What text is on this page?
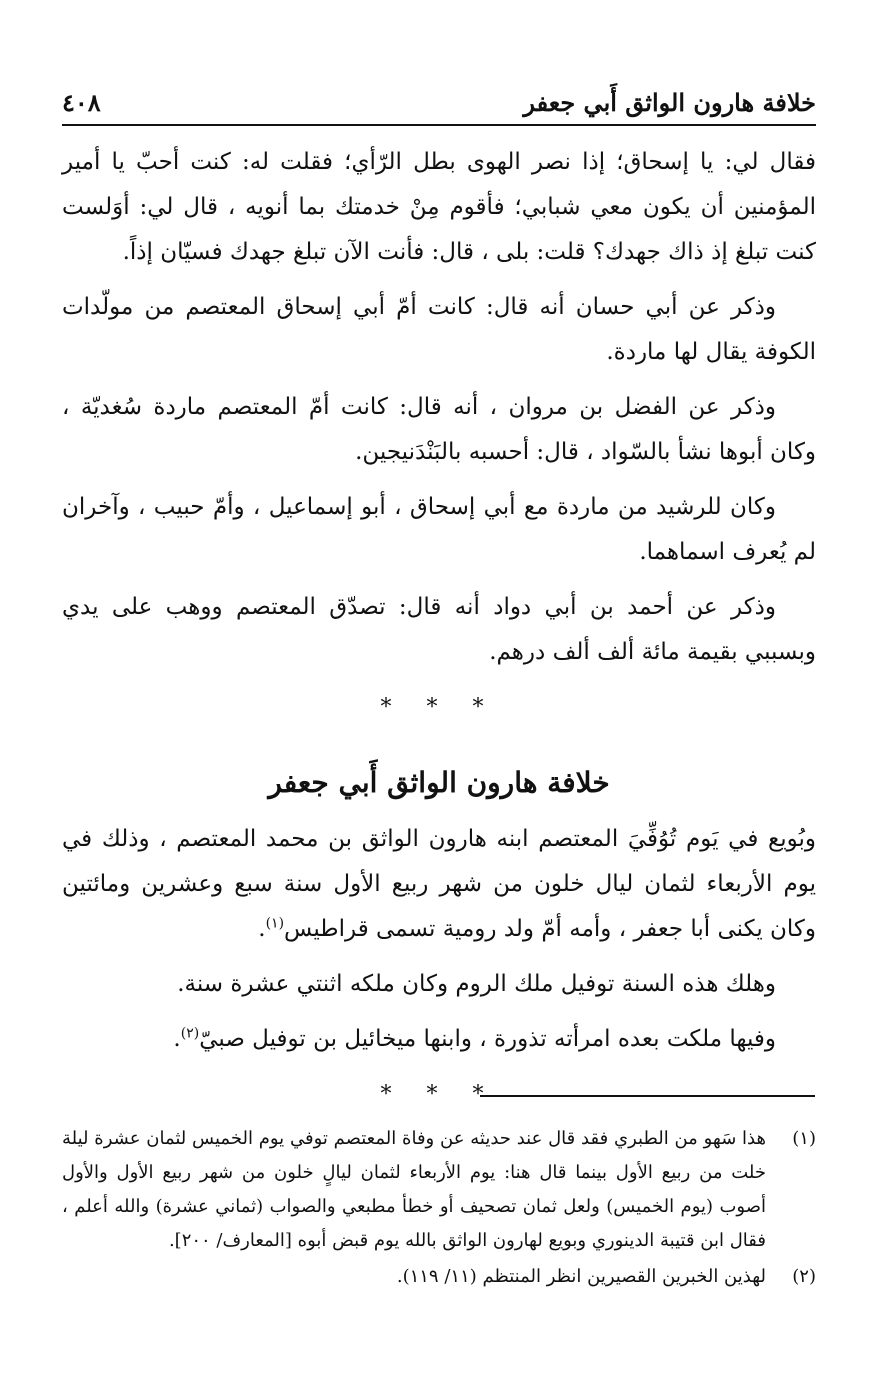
خلافة هارون الواثق أَبي جعفر
٤٠٨

فقال لي: يا إسحاق؛ إذا نصر الهوى بطل الرّأي؛ فقلت له: كنت أحبّ يا أمير المؤمنين أن يكون معي شبابي؛ فأقوم مِنْ خدمتك بما أنويه ، قال لي: أوَلست كنت تبلغ إذ ذاك جهدك؟ قلت: بلى ، قال: فأنت الآن تبلغ جهدك فسيّان إذاً.

وذكر عن أبي حسان أنه قال: كانت أمّ أبي إسحاق المعتصم من مولّدات الكوفة يقال لها ماردة.

وذكر عن الفضل بن مروان ، أنه قال: كانت أمّ المعتصم ماردة سُغديّة ، وكان أبوها نشأ بالسّواد ، قال: أحسبه بالبَنْدَنيجين.

وكان للرشيد من ماردة مع أبي إسحاق ، أبو إسماعيل ، وأمّ حبيب ، وآخران لم يُعرف اسماهما.

وذكر عن أحمد بن أبي دواد أنه قال: تصدّق المعتصم ووهب على يدي وبسببي بقيمة مائة ألف ألف درهم.

* * *
خلافة هارون الواثق أَبي جعفر

وبُويع في يَوم تُوُفِّيَ المعتصم ابنه هارون الواثق بن محمد المعتصم ، وذلك في يوم الأربعاء لثمان ليال خلون من شهر ربيع الأول سنة سبع وعشرين ومائتين وكان يكنى أبا جعفر ، وأمه أمّ ولد رومية تسمى قراطيس$^{(١)}$.

وهلك هذه السنة توفيل ملك الروم وكان ملكه اثنتي عشرة سنة.

وفيها ملكت بعده امرأته تذورة ، وابنها ميخائيل بن توفيل صبيّ$^{(٢)}$.

* * *
(١)
هذا سَهو من الطبري فقد قال عند حديثه عن وفاة المعتصم توفي يوم الخميس لثمان عشرة ليلة خلت من ربيع الأول بينما قال هنا: يوم الأربعاء لثمان ليالٍ خلون من شهر ربيع الأول والأول أصوب (يوم الخميس) ولعل ثمان تصحيف أو خطأ مطبعي والصواب (ثماني عشرة) والله أعلم ، فقال ابن قتيبة الدينوري وبويع لهارون الواثق بالله يوم قبض أبوه [المعارف/ ٢٠٠].
(٢)
لهذين الخبرين القصيرين انظر المنتظم (١١/ ١١٩).
